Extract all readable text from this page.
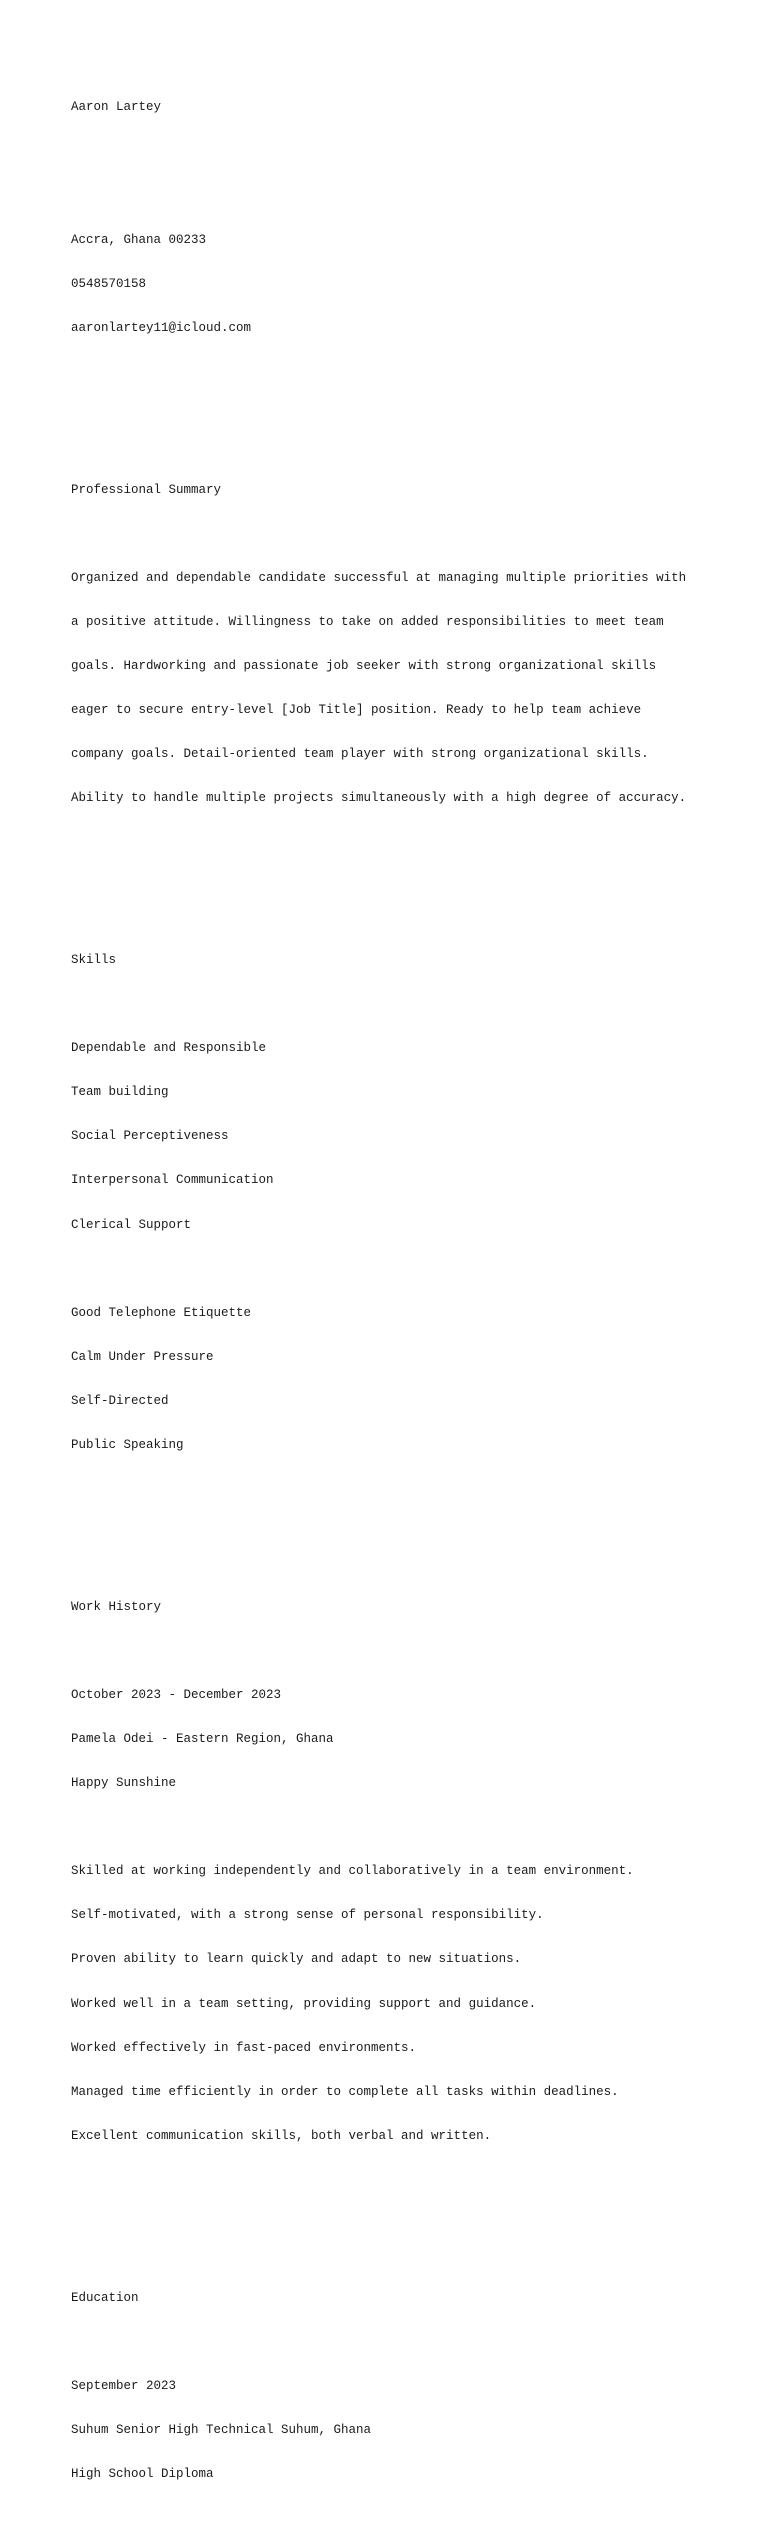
Aaron Lartey

Accra, Ghana 00233

0548570158

aaronlartey11@icloud.com

Professional Summary

Organized and dependable candidate successful at managing multiple priorities with

a positive attitude. Willingness to take on added responsibilities to meet team

goals. Hardworking and passionate job seeker with strong organizational skills

eager to secure entry-level [Job Title] position. Ready to help team achieve

company goals. Detail-oriented team player with strong organizational skills.

Ability to handle multiple projects simultaneously with a high degree of accuracy.

Skills

Dependable and Responsible

Team building

Social Perceptiveness

Interpersonal Communication

Clerical Support

Good Telephone Etiquette

Calm Under Pressure

Self-Directed

Public Speaking

Work History

October 2023 - December 2023

Pamela Odei - Eastern Region, Ghana

Happy Sunshine

Skilled at working independently and collaboratively in a team environment.

Self-motivated, with a strong sense of personal responsibility.

Proven ability to learn quickly and adapt to new situations.

Worked well in a team setting, providing support and guidance.

Worked effectively in fast-paced environments.

Managed time efficiently in order to complete all tasks within deadlines.

Excellent communication skills, both verbal and written.

Education

September 2023

Suhum Senior High Technical Suhum, Ghana

High School Diploma
